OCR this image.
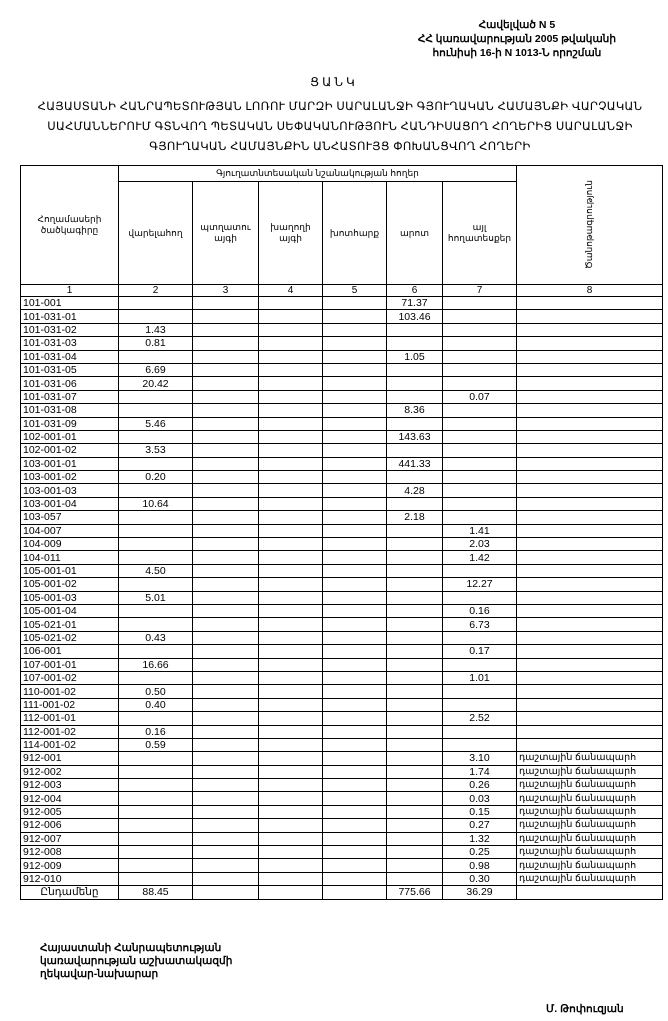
Հավելված N 5
ՀՀ կառավարության 2005 թվականի
հունիսի 16-ի N 1013-Ն որոշման
ՑԱՆԿ
ՀԱՅԱՍՏԱՆԻ ՀԱՆՐԱՊԵՏՈՒԹՅԱՆ ԼՈՌՈՒ ՄԱՐԶԻ ՍԱՐԱԼԱՆՋԻ ԳՅՈՒՂԱԿԱՆ ՀԱՄԱՅՆՔԻ ՎԱՐՉԱԿԱՆ ՍԱՀՄԱՆՆԵՐՈՒՄ ԳՏՆՎՈՂ ՊԵՏԱԿԱՆ ՍԵՓԱԿԱՆՈՒԹՅՈՒՆ ՀԱՆԴԻՍԱՑՈՂ ՀՈՂԵՐԻՑ ՍԱՐԱԼԱՆՋԻ ԳՅՈՒՂԱԿԱՆ ՀԱՄԱՅՆՔԻՆ ԱՆՀԱՏՈՒՅՑ ՓՈԽԱՆՑՎՈՂ ՀՈՂԵՐԻ
Հողամասերի ծածկագիրը	Գյուղատնտեսական նշանակության հողեր						Ծանոթագրություն

	վարելահող	պտղատու այգի	խաղողի այգի	խոտհարք	արոտ	այլ հողատեսքեր	
1	2	3	4	5	6	7	8
101-001					71.37		
101-031-01					103.46		
101-031-02	1.43						
101-031-03	0.81						
101-031-04					1.05		
101-031-05	6.69						
101-031-06	20.42						
101-031-07						0.07	
101-031-08					8.36		
101-031-09	5.46						
102-001-01					143.63		
102-001-02	3.53						
103-001-01					441.33		
103-001-02	0.20						
103-001-03					4.28		
103-001-04	10.64						
103-057					2.18		
104-007						1.41	
104-009						2.03	
104-011						1.42	
105-001-01	4.50						
105-001-02						12.27	
105-001-03	5.01						
105-001-04						0.16	
105-021-01						6.73	
105-021-02	0.43						
106-001						0.17	
107-001-01	16.66						
107-001-02						1.01	
110-001-02	0.50						
111-001-02	0.40						
112-001-01						2.52	
112-001-02	0.16						
114-001-02	0.59						
912-001						3.10	դաշտային ճանապարհ
912-002						1.74	դաշտային ճանապարհ
912-003						0.26	դաշտային ճանապարհ
912-004						0.03	դաշտային ճանապարհ
912-005						0.15	դաշտային ճանապարհ
912-006						0.27	դաշտային ճանապարհ
912-007						1.32	դաշտային ճանապարհ
912-008						0.25	դաշտային ճանապարհ
912-009						0.98	դաշտային ճանապարհ
912-010						0.30	դաշտային ճանապարհ
Ընդամենը	88.45				775.66	36.29	
Հայաստանի Հանրապետության
կառավարության աշխատակազմի
ղեկավար-նախարար
Մ. Թոփուզյան
